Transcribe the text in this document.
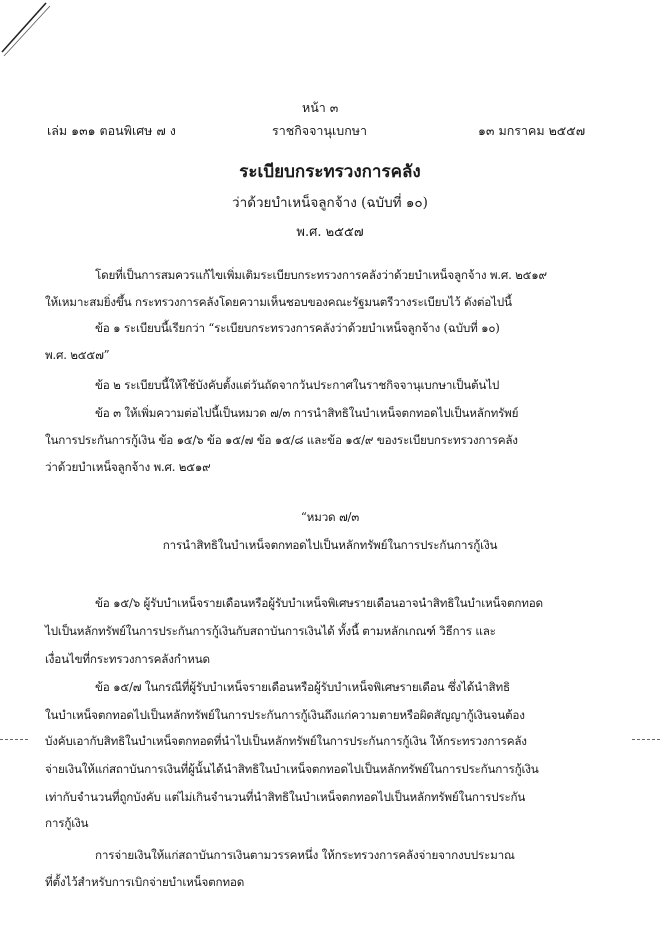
หน้า ๓
เล่ม ๑๓๑ ตอนพิเศษ ๗ ง	ราชกิจจานุเบกษา	๑๓ มกราคม ๒๕๕๗
ระเบียบกระทรวงการคลัง
ว่าด้วยบำเหน็จลูกจ้าง (ฉบับที่ ๑๐)
พ.ศ. ๒๕๕๗
โดยที่เป็นการสมควรแก้ไขเพิ่มเติมระเบียบกระทรวงการคลังว่าด้วยบำเหน็จลูกจ้าง พ.ศ. ๒๕๑๙
ให้เหมาะสมยิ่งขึ้น กระทรวงการคลังโดยความเห็นชอบของคณะรัฐมนตรีวางระเบียบไว้ ดังต่อไปนี้
ข้อ ๑ ระเบียบนี้เรียกว่า “ระเบียบกระทรวงการคลังว่าด้วยบำเหน็จลูกจ้าง (ฉบับที่ ๑๐)
พ.ศ. ๒๕๕๗”
ข้อ ๒ ระเบียบนี้ให้ใช้บังคับตั้งแต่วันถัดจากวันประกาศในราชกิจจานุเบกษาเป็นต้นไป
ข้อ ๓ ให้เพิ่มความต่อไปนี้เป็นหมวด ๗/๓ การนำสิทธิในบำเหน็จตกทอดไปเป็นหลักทรัพย์
ในการประกันการกู้เงิน ข้อ ๑๕/๖ ข้อ ๑๕/๗ ข้อ ๑๕/๘ และข้อ ๑๕/๙ ของระเบียบกระทรวงการคลัง
ว่าด้วยบำเหน็จลูกจ้าง พ.ศ. ๒๕๑๙
“หมวด ๗/๓
การนำสิทธิในบำเหน็จตกทอดไปเป็นหลักทรัพย์ในการประกันการกู้เงิน
ข้อ ๑๕/๖ ผู้รับบำเหน็จรายเดือนหรือผู้รับบำเหน็จพิเศษรายเดือนอาจนำสิทธิในบำเหน็จตกทอด
ไปเป็นหลักทรัพย์ในการประกันการกู้เงินกับสถาบันการเงินได้ ทั้งนี้ ตามหลักเกณฑ์ วิธีการ และ
เงื่อนไขที่กระทรวงการคลังกำหนด
ข้อ ๑๕/๗ ในกรณีที่ผู้รับบำเหน็จรายเดือนหรือผู้รับบำเหน็จพิเศษรายเดือน ซึ่งได้นำสิทธิ
ในบำเหน็จตกทอดไปเป็นหลักทรัพย์ในการประกันการกู้เงินถึงแก่ความตายหรือผิดสัญญากู้เงินจนต้อง
บังคับเอากับสิทธิในบำเหน็จตกทอดที่นำไปเป็นหลักทรัพย์ในการประกันการกู้เงิน ให้กระทรวงการคลัง
จ่ายเงินให้แก่สถาบันการเงินที่ผู้นั้นได้นำสิทธิในบำเหน็จตกทอดไปเป็นหลักทรัพย์ในการประกันการกู้เงิน
เท่ากับจำนวนที่ถูกบังคับ แต่ไม่เกินจำนวนที่นำสิทธิในบำเหน็จตกทอดไปเป็นหลักทรัพย์ในการประกัน
การกู้เงิน
การจ่ายเงินให้แก่สถาบันการเงินตามวรรคหนึ่ง ให้กระทรวงการคลังจ่ายจากงบประมาณ
ที่ตั้งไว้สำหรับการเบิกจ่ายบำเหน็จตกทอด
